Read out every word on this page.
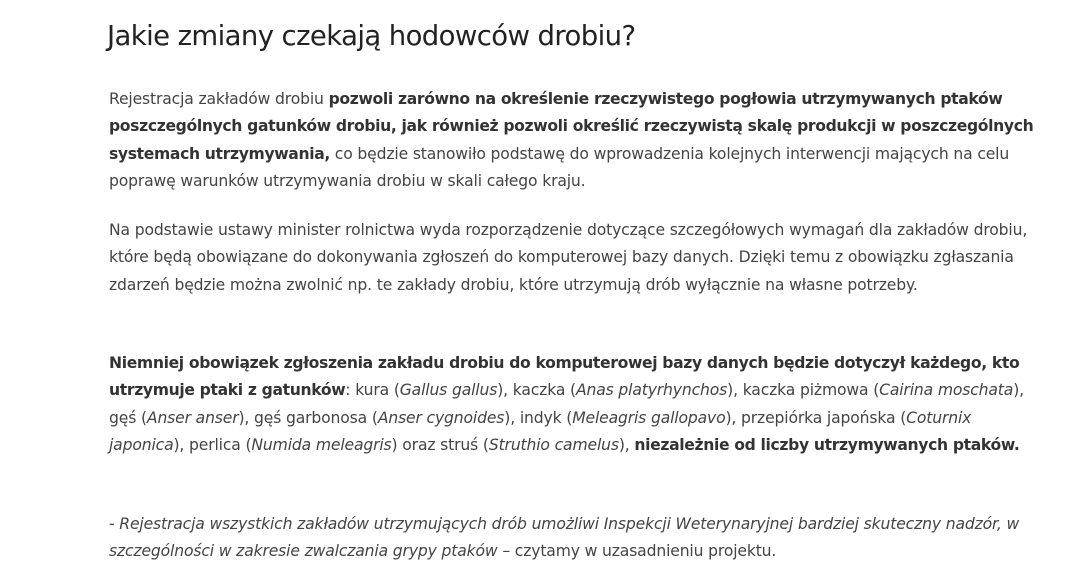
Jakie zmiany czekają hodowców drobiu?

Rejestracja zakładów drobiu pozwoli zarówno na określenie rzeczywistego pogłowia utrzymywanych ptaków poszczególnych gatunków drobiu, jak również pozwoli określić rzeczywistą skalę produkcji w poszczególnych systemach utrzymywania, co będzie stanowiło podstawę do wprowadzenia kolejnych interwencji mających na celu poprawę warunków utrzymywania drobiu w skali całego kraju.

Na podstawie ustawy minister rolnictwa wyda rozporządzenie dotyczące szczegółowych wymagań dla zakładów drobiu, które będą obowiązane do dokonywania zgłoszeń do komputerowej bazy danych. Dzięki temu z obowiązku zgłaszania zdarzeń będzie można zwolnić np. te zakłady drobiu, które utrzymują drób wyłącznie na własne potrzeby.

Niemniej obowiązek zgłoszenia zakładu drobiu do komputerowej bazy danych będzie dotyczył każdego, kto utrzymuje ptaki z gatunków: kura (Gallus gallus), kaczka (Anas platyrhynchos), kaczka piżmowa (Cairina moschata), gęś (Anser anser), gęś garbonosa (Anser cygnoides), indyk (Meleagris gallopavo), przepiórka japońska (Coturnix japonica), perlica (Numida meleagris) oraz struś (Struthio camelus), niezależnie od liczby utrzymywanych ptaków.

- Rejestracja wszystkich zakładów utrzymujących drób umożliwi Inspekcji Weterynaryjnej bardziej skuteczny nadzór, w szczególności w zakresie zwalczania grypy ptaków – czytamy w uzasadnieniu projektu.
